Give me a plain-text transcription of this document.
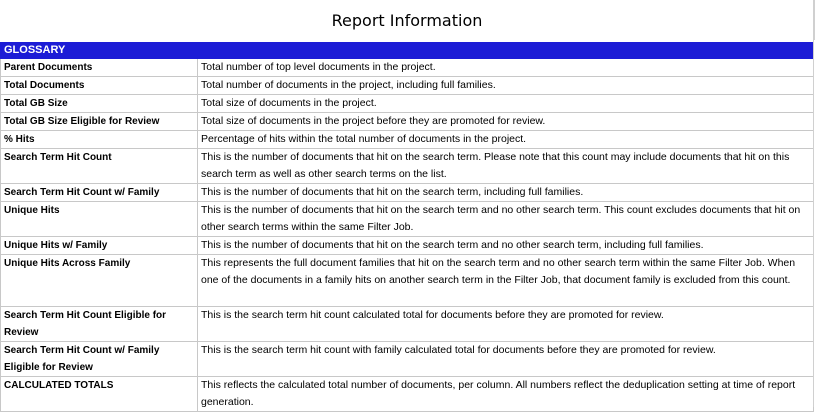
Report Information
GLOSSARY	
Parent Documents	Total number of top level documents in the project.
Total Documents	Total number of documents in the project, including full families.
Total GB Size	Total size of documents in the project.
Total GB Size Eligible for Review	Total size of documents in the project before they are promoted for review.
% Hits	Percentage of hits within the total number of documents in the project.
Search Term Hit Count	This is the number of documents that hit on the search term. Please note that this count may include documents that hit on this search term as well as other search terms on the list.
Search Term Hit Count w/ Family	This is the number of documents that hit on the search term, including full families.
Unique Hits	This is the number of documents that hit on the search term and no other search term. This count excludes documents that hit on other search terms within the same Filter Job.
Unique Hits w/ Family	This is the number of documents that hit on the search term and no other search term, including full families.
Unique Hits Across Family	This represents the full document families that hit on the search term and no other search term within the same Filter Job. When one of the documents in a family hits on another search term in the Filter Job, that document family is excluded from this count.
Search Term Hit Count Eligible for Review	This is the search term hit count calculated total for documents before they are promoted for review.
Search Term Hit Count w/ Family Eligible for Review	This is the search term hit count with family calculated total for documents before they are promoted for review.
CALCULATED TOTALS	This reflects the calculated total number of documents, per column. All numbers reflect the deduplication setting at time of report generation.
